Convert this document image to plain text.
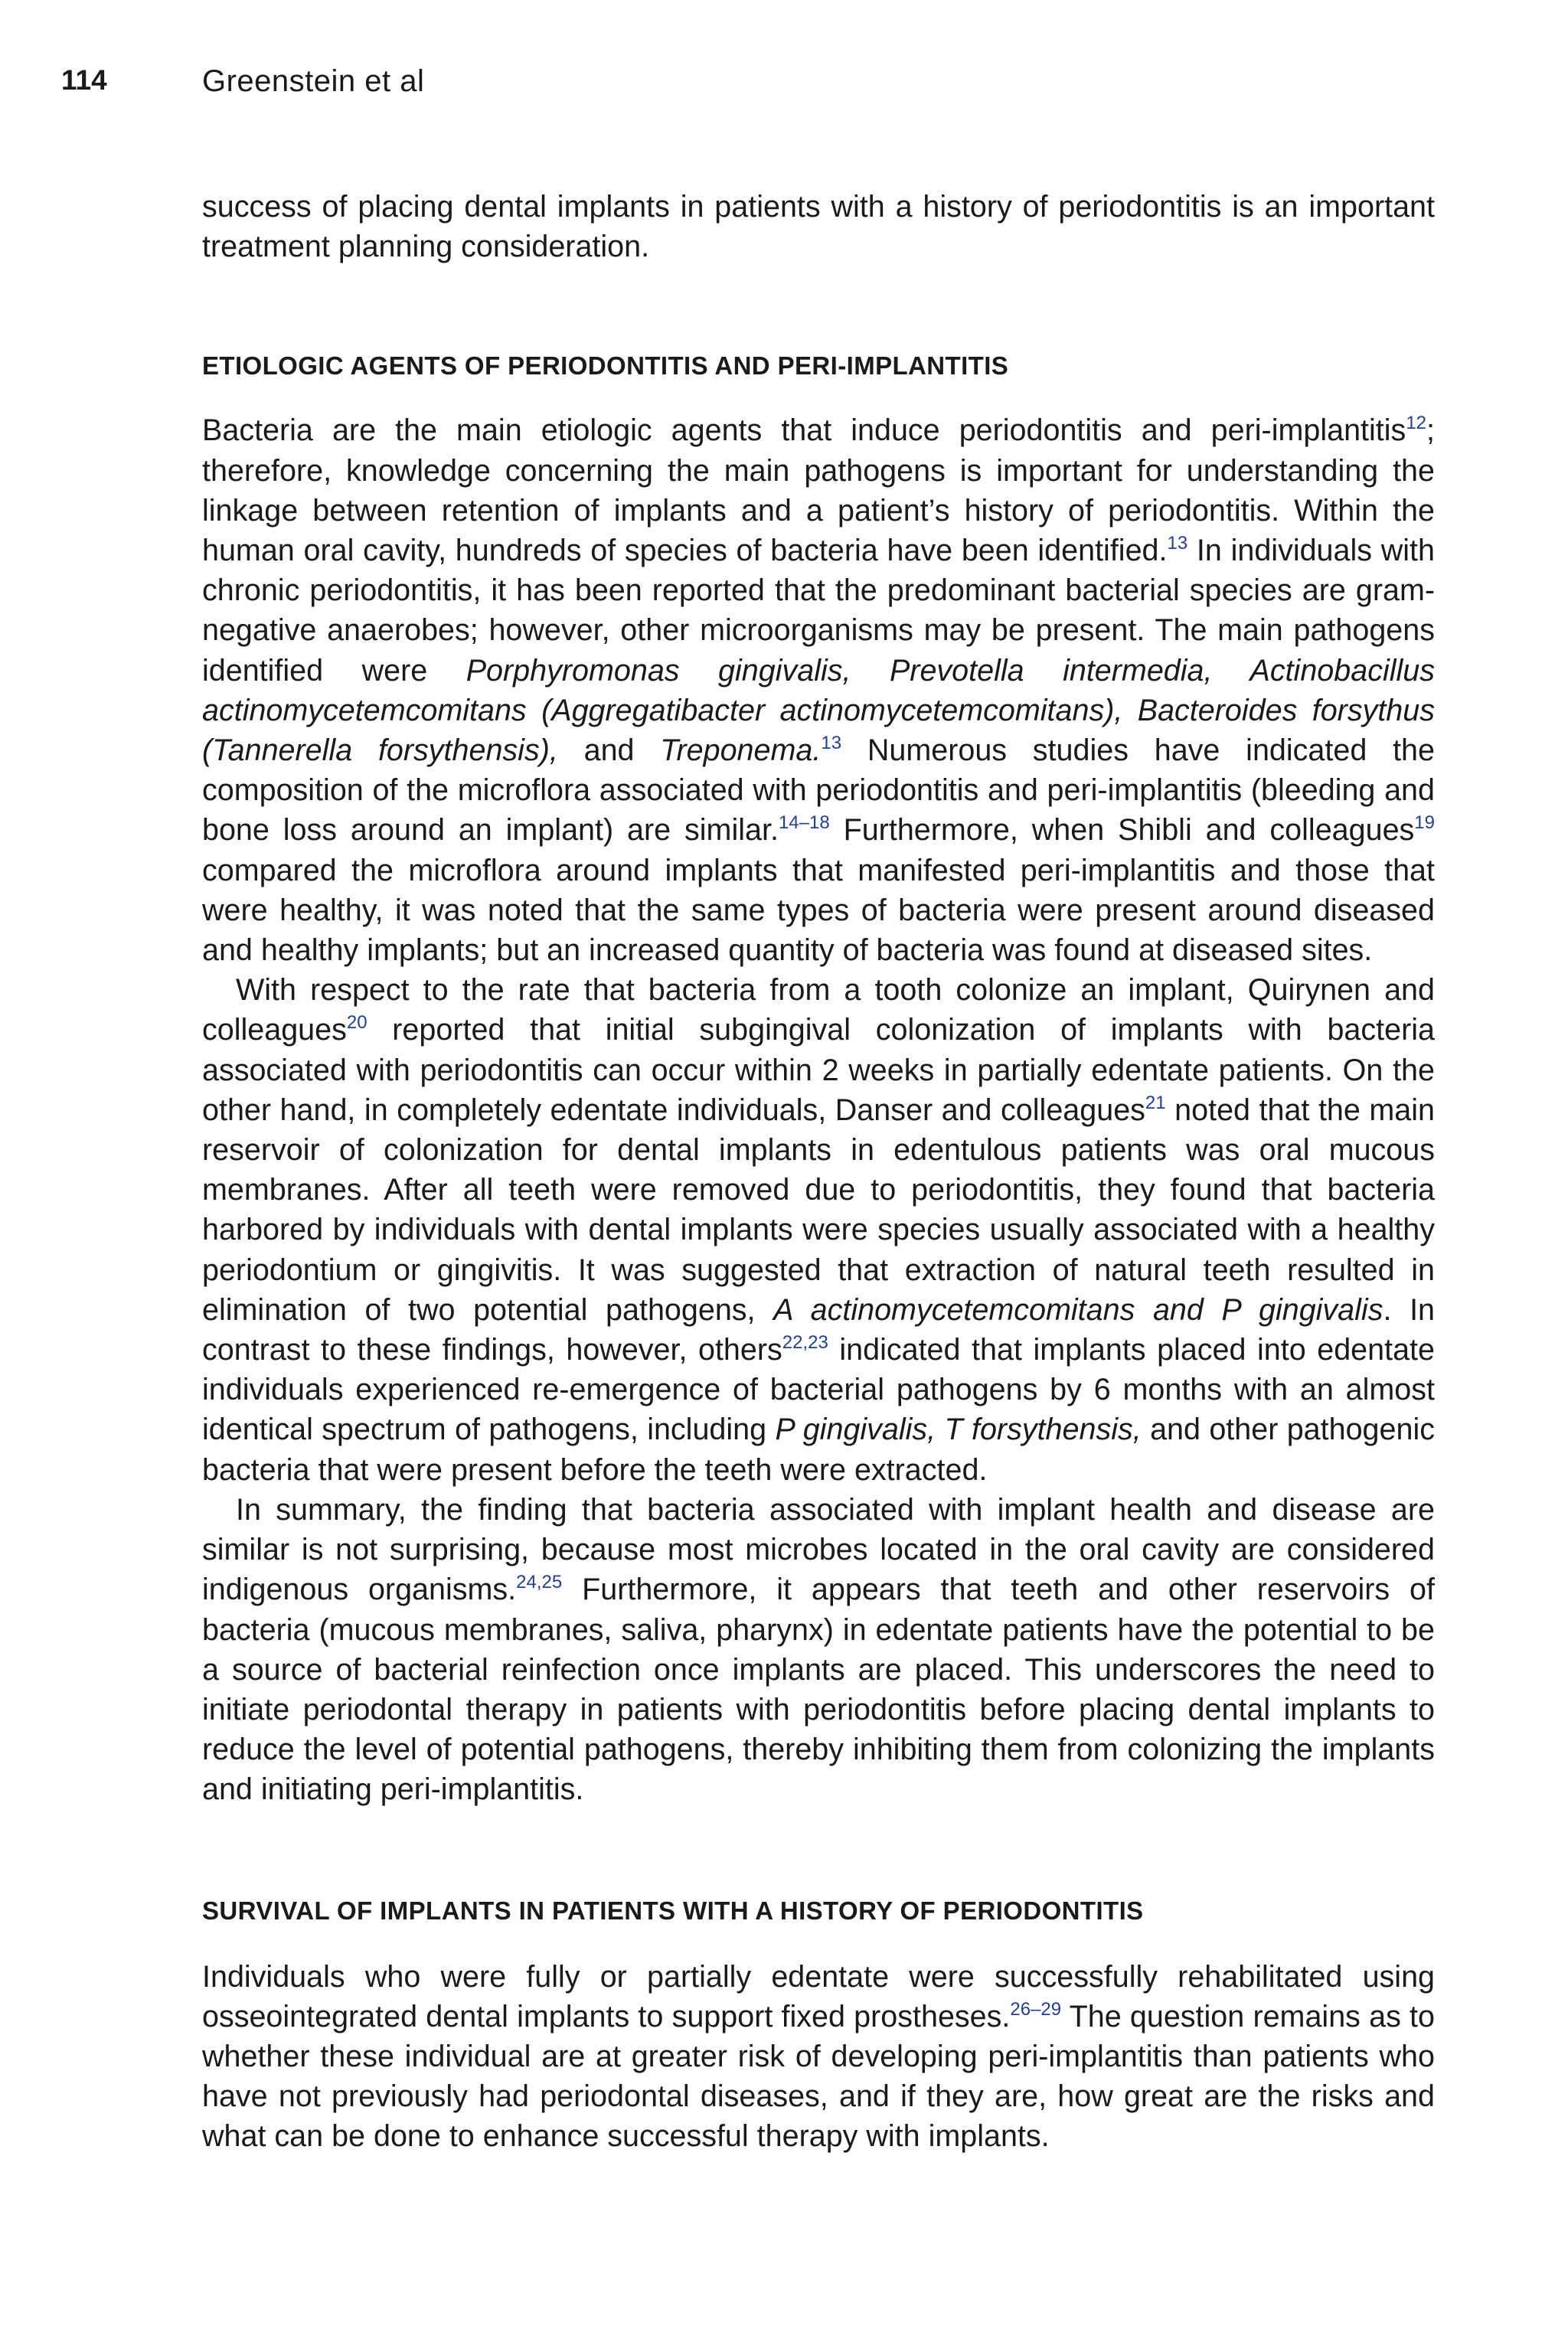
114	Greenstein et al

success of placing dental implants in patients with a history of periodontitis is an important treatment planning consideration.

ETIOLOGIC AGENTS OF PERIODONTITIS AND PERI-IMPLANTITIS

Bacteria are the main etiologic agents that induce periodontitis and peri-implantitis$^{12}$; therefore, knowledge concerning the main pathogens is important for understanding the linkage between retention of implants and a patient’s history of periodontitis. Within the human oral cavity, hundreds of species of bacteria have been identified.$^{13}$ In individuals with chronic periodontitis, it has been reported that the predominant bacterial species are gram-negative anaerobes; however, other microorganisms may be present. The main pathogens identified were Porphyromonas gingivalis, Prevotella intermedia, Actinobacillus actinomycetemcomitans (Aggregatibacter actinomycetemcomitans), Bacteroides forsythus (Tannerella forsythensis), and Treponema.$^{13}$ Numerous studies have indicated the composition of the microflora associated with periodontitis and peri-implantitis (bleeding and bone loss around an implant) are similar.$^{14-18}$ Furthermore, when Shibli and colleagues$^{19}$ compared the microflora around implants that manifested peri-implantitis and those that were healthy, it was noted that the same types of bacteria were present around diseased and healthy implants; but an increased quantity of bacteria was found at diseased sites.

With respect to the rate that bacteria from a tooth colonize an implant, Quirynen and colleagues$^{20}$ reported that initial subgingival colonization of implants with bacteria associated with periodontitis can occur within 2 weeks in partially edentate patients. On the other hand, in completely edentate individuals, Danser and colleagues$^{21}$ noted that the main reservoir of colonization for dental implants in edentulous patients was oral mucous membranes. After all teeth were removed due to periodontitis, they found that bacteria harbored by individuals with dental implants were species usually associated with a healthy periodontium or gingivitis. It was suggested that extraction of natural teeth resulted in elimination of two potential pathogens, A actinomycetemcomitans and P gingivalis. In contrast to these findings, however, others$^{22,23}$ indicated that implants placed into edentate individuals experienced re-emergence of bacterial pathogens by 6 months with an almost identical spectrum of pathogens, including P gingivalis, T forsythensis, and other pathogenic bacteria that were present before the teeth were extracted.

In summary, the finding that bacteria associated with implant health and disease are similar is not surprising, because most microbes located in the oral cavity are considered indigenous organisms.$^{24,25}$ Furthermore, it appears that teeth and other reservoirs of bacteria (mucous membranes, saliva, pharynx) in edentate patients have the potential to be a source of bacterial reinfection once implants are placed. This underscores the need to initiate periodontal therapy in patients with periodontitis before placing dental implants to reduce the level of potential pathogens, thereby inhibiting them from colonizing the implants and initiating peri-implantitis.

SURVIVAL OF IMPLANTS IN PATIENTS WITH A HISTORY OF PERIODONTITIS

Individuals who were fully or partially edentate were successfully rehabilitated using osseointegrated dental implants to support fixed prostheses.$^{26-29}$ The question remains as to whether these individual are at greater risk of developing peri-implantitis than patients who have not previously had periodontal diseases, and if they are, how great are the risks and what can be done to enhance successful therapy with implants.
